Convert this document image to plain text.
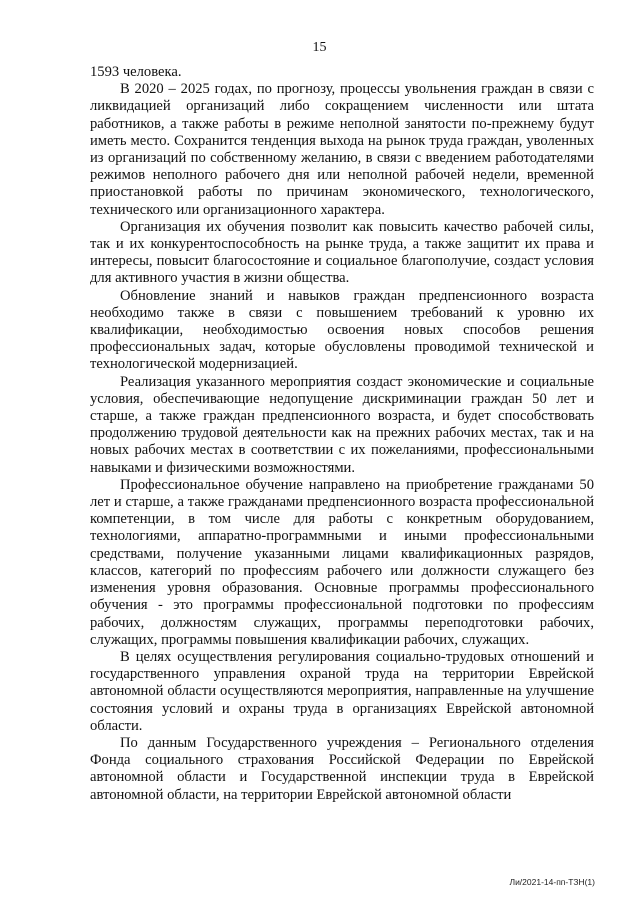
15

1593 человека.

В 2020 – 2025 годах, по прогнозу, процессы увольнения граждан в связи с ликвидацией организаций либо сокращением численности или штата работников, а также работы в режиме неполной занятости по-прежнему будут иметь место. Сохранится тенденция выхода на рынок труда граждан, уволенных из организаций по собственному желанию, в связи с введением работодателями режимов неполного рабочего дня или неполной рабочей недели, временной приостановкой работы по причинам экономического, технологического, технического или организационного характера.

Организация их обучения позволит как повысить качество рабочей силы, так и их конкурентоспособность на рынке труда, а также защитит их права и интересы, повысит благосостояние и социальное благополучие, создаст условия для активного участия в жизни общества.

Обновление знаний и навыков граждан предпенсионного возраста необходимо также в связи с повышением требований к уровню их квалификации, необходимостью освоения новых способов решения профессиональных задач, которые обусловлены проводимой технической и технологической модернизацией.

Реализация указанного мероприятия создаст экономические и социальные условия, обеспечивающие недопущение дискриминации граждан 50 лет и старше, а также граждан предпенсионного возраста, и будет способствовать продолжению трудовой деятельности как на прежних рабочих местах, так и на новых рабочих местах в соответствии с их пожеланиями, профессиональными навыками и физическими возможностями.

Профессиональное обучение направлено на приобретение гражданами 50 лет и старше, а также гражданами предпенсионного возраста профессиональной компетенции, в том числе для работы с конкретным оборудованием, технологиями, аппаратно-программными и иными профессиональными средствами, получение указанными лицами квалификационных разрядов, классов, категорий по профессиям рабочего или должности служащего без изменения уровня образования. Основные программы профессионального обучения - это программы профессиональной подготовки по профессиям рабочих, должностям служащих, программы переподготовки рабочих, служащих, программы повышения квалификации рабочих, служащих.

В целях осуществления регулирования социально-трудовых отношений и государственного управления охраной труда на территории Еврейской автономной области осуществляются мероприятия, направленные на улучшение состояния условий и охраны труда в организациях Еврейской автономной области.

По данным Государственного учреждения – Регионального отделения Фонда социального страхования Российской Федерации по Еврейской автономной области и Государственной инспекции труда в Еврейской автономной области, на территории Еврейской автономной области

Ли/2021-14-пп-ТЗН(1)
